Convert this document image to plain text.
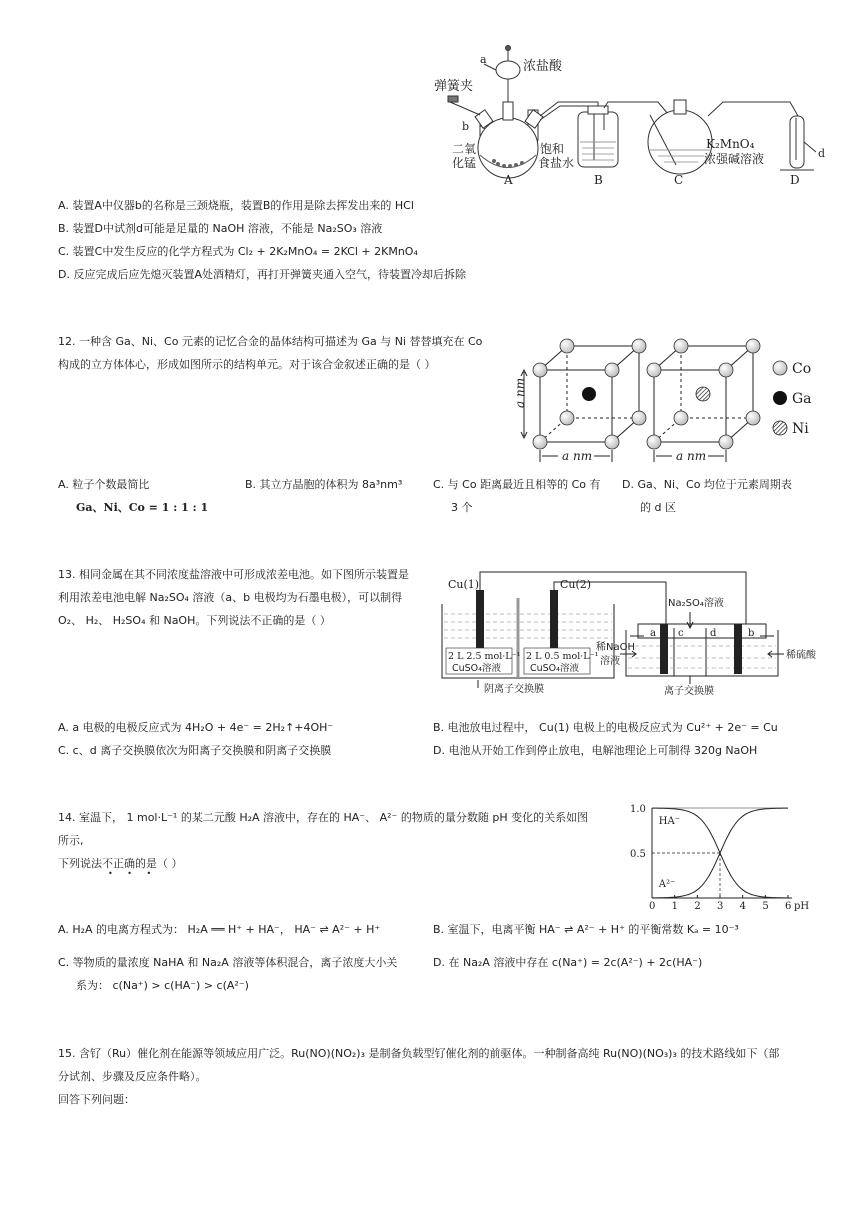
a	浓盐酸
弹簧夹
b
二氧
化锰
饱和
食盐水
K₂MnO₄
浓强碱溶液	d
A	B	C	D
A. 装置A中仪器b的名称是三颈烧瓶，装置B的作用是除去挥发出来的 HCl
B. 装置D中试剂d可能是足量的 NaOH 溶液，不能是 Na₂SO₃ 溶液
C. 装置C中发生反应的化学方程式为 Cl₂ + 2K₂MnO₄ = 2KCl + 2KMnO₄
D. 反应完成后应先熄灭装置A处酒精灯，再打开弹簧夹通入空气，待装置冷却后拆除
12. 一种含 Ga、Ni、Co 元素的记忆合金的晶体结构可描述为 Ga 与 Ni 替替填充在 Co
构成的立方体体心，形成如图所示的结构单元。对于该合金叙述正确的是（ ）
a nm
a nm	a nm
Co
Ga
Ni
A. 粒子个数最简比
Ga、Ni、Co = 1 : 1 : 1
B. 其立方晶胞的体积为 8a³nm³	C. 与 Co 距离最近且相等的 Co 有
3 个
D. Ga、Ni、Co 均位于元素周期表
的 d 区
13. 相同金属在其不同浓度盐溶液中可形成浓差电池。如下图所示装置是
利用浓差电池电解 Na₂SO₄ 溶液（a、b 电极均为石墨电极），可以制得
O₂、 H₂、 H₂SO₄ 和 NaOH。下列说法不正确的是（ ）
Cu(1)	Cu(2)
2 L 2.5 mol·L⁻¹
CuSO₄溶液
2 L 0.5 mol·L⁻¹
CuSO₄溶液
阴离子交换膜
Na₂SO₄溶液
a c	d	b
稀NaOH
溶液
稀硫酸
离子交换膜
A. a 电极的电极反应式为 4H₂O + 4e⁻ = 2H₂↑+4OH⁻	B. 电池放电过程中， Cu(1) 电极上的电极反应式为 Cu²⁺ + 2e⁻ = Cu
C. c、d 离子交换膜依次为阳离子交换膜和阴离子交换膜	D. 电池从开始工作到停止放电，电解池理论上可制得 320g NaOH
14. 室温下， 1 mol·L⁻¹ 的某二元酸 H₂A 溶液中，存在的 HA⁻、 A²⁻ 的物质的量分数随 pH 变化的关系如图
所示,
下列说法不正确的是（ ）
• • •
HA⁻
A²⁻
0 1 2 3 4 5 6 pH
0.5
1.0
A. H₂A 的电离方程式为： H₂A ══ H⁺ + HA⁻， HA⁻ ⇌ A²⁻ + H⁺	B. 室温下，电离平衡 HA⁻ ⇌ A²⁻ + H⁺ 的平衡常数 Kₐ = 10⁻³
C. 等物质的量浓度 NaHA 和 Na₂A 溶液等体积混合，离子浓度大小关
系为： c(Na⁺) > c(HA⁻) > c(A²⁻)
D. 在 Na₂A 溶液中存在 c(Na⁺) = 2c(A²⁻) + 2c(HA⁻)
15. 含钌（Ru）催化剂在能源等领域应用广泛。Ru(NO)(NO₂)₃ 是制备负载型钌催化剂的前驱体。一种制备高纯 Ru(NO)(NO₃)₃ 的技术路线如下（部
分试剂、步骤及反应条件略）。
回答下列问题：
